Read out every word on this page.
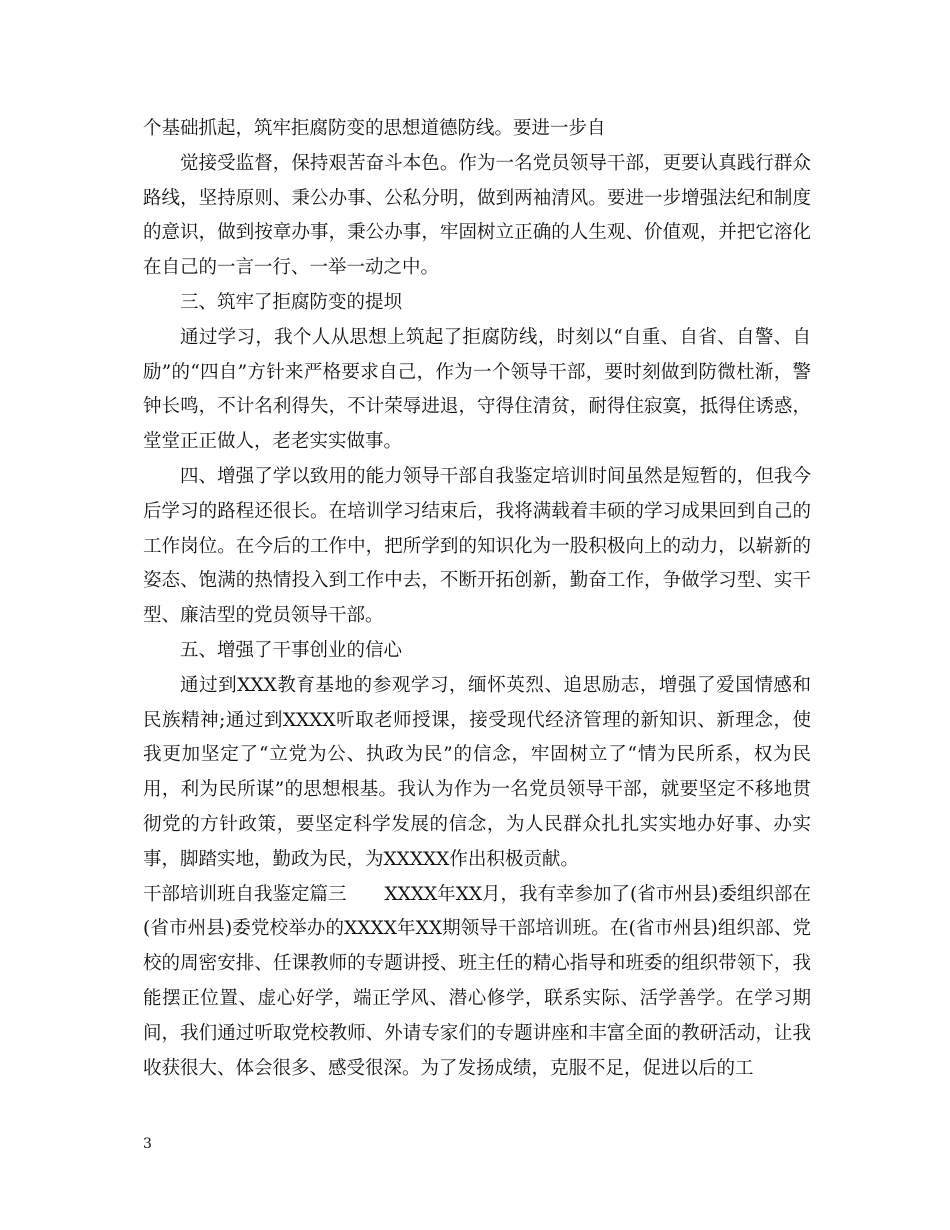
个基础抓起，筑牢拒腐防变的思想道德防线。要进一步自

觉接受监督，保持艰苦奋斗本色。作为一名党员领导干部，更要认真践行群众路线，坚持原则、秉公办事、公私分明，做到两袖清风。要进一步增强法纪和制度的意识，做到按章办事，秉公办事，牢固树立正确的人生观、价值观，并把它溶化在自己的一言一行、一举一动之中。

三、筑牢了拒腐防变的提坝

通过学习，我个人从思想上筑起了拒腐防线，时刻以“自重、自省、自警、自励”的“四自”方针来严格要求自己，作为一个领导干部，要时刻做到防微杜渐，警钟长鸣，不计名利得失，不计荣辱进退，守得住清贫，耐得住寂寞，抵得住诱惑，堂堂正正做人，老老实实做事。

四、增强了学以致用的能力领导干部自我鉴定培训时间虽然是短暂的，但我今后学习的路程还很长。在培训学习结束后，我将满载着丰硕的学习成果回到自己的工作岗位。在今后的工作中，把所学到的知识化为一股积极向上的动力，以崭新的姿态、饱满的热情投入到工作中去，不断开拓创新，勤奋工作，争做学习型、实干型、廉洁型的党员领导干部。

五、增强了干事创业的信心

通过到XXX教育基地的参观学习，缅怀英烈、追思励志，增强了爱国情感和民族精神;通过到XXXX听取老师授课，接受现代经济管理的新知识、新理念，使我更加坚定了“立党为公、执政为民”的信念，牢固树立了“情为民所系，权为民用，利为民所谋”的思想根基。我认为作为一名党员领导干部，就要坚定不移地贯彻党的方针政策，要坚定科学发展的信念，为人民群众扎扎实实地办好事、办实事，脚踏实地，勤政为民，为XXXXX作出积极贡献。

干部培训班自我鉴定篇三 XXXX年XX月，我有幸参加了(省市州县)委组织部在(省市州县)委党校举办的XXXX年XX期领导干部培训班。在(省市州县)组织部、党校的周密安排、任课教师的专题讲授、班主任的精心指导和班委的组织带领下，我能摆正位置、虚心好学，端正学风、潜心修学，联系实际、活学善学。在学习期间，我们通过听取党校教师、外请专家们的专题讲座和丰富全面的教研活动，让我收获很大、体会很多、感受很深。为了发扬成绩，克服不足，促进以后的工

3
